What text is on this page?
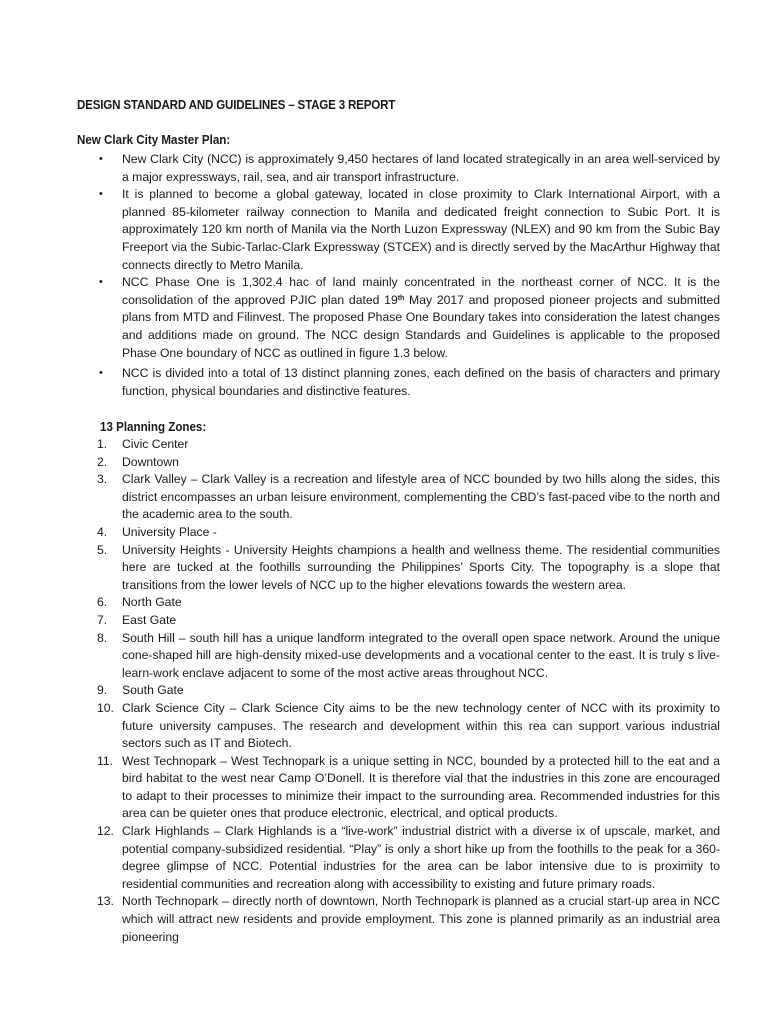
DESIGN STANDARD AND GUIDELINES – STAGE 3 REPORT
New Clark City Master Plan:
• New Clark City (NCC) is approximately 9,450 hectares of land located strategically in an area well-serviced by a major expressways, rail, sea, and air transport infrastructure.
• It is planned to become a global gateway, located in close proximity to Clark International Airport, with a planned 85-kilometer railway connection to Manila and dedicated freight connection to Subic Port. It is approximately 120 km north of Manila via the North Luzon Expressway (NLEX) and 90 km from the Subic Bay Freeport via the Subic-Tarlac-Clark Expressway (STCEX) and is directly served by the MacArthur Highway that connects directly to Metro Manila.
• NCC Phase One is 1,302.4 hac of land mainly concentrated in the northeast corner of NCC. It is the consolidation of the approved PJIC plan dated 19th May 2017 and proposed pioneer projects and submitted plans from MTD and Filinvest. The proposed Phase One Boundary takes into consideration the latest changes and additions made on ground. The NCC design Standards and Guidelines is applicable to the proposed Phase One boundary of NCC as outlined in figure 1.3 below.
• NCC is divided into a total of 13 distinct planning zones, each defined on the basis of characters and primary function, physical boundaries and distinctive features.
13 Planning Zones:
1.	Civic Center
2.	Downtown
3.	Clark Valley – Clark Valley is a recreation and lifestyle area of NCC bounded by two hills along the sides, this district encompasses an urban leisure environment, complementing the CBD’s fast-paced vibe to the north and the academic area to the south.
4.	University Place -
5.	University Heights - University Heights champions a health and wellness theme. The residential communities here are tucked at the foothills surrounding the Philippines’ Sports City. The topography is a slope that transitions from the lower levels of NCC up to the higher elevations towards the western area.
6.	North Gate
7.	East Gate
8.	South Hill – south hill has a unique landform integrated to the overall open space network. Around the unique cone-shaped hill are high-density mixed-use developments and a vocational center to the east. It is truly s live-learn-work enclave adjacent to some of the most active areas throughout NCC.
9.	South Gate
10. Clark Science City – Clark Science City aims to be the new technology center of NCC with its proximity to future university campuses. The research and development within this rea can support various industrial sectors such as IT and Biotech.
11. West Technopark – West Technopark is a unique setting in NCC, bounded by a protected hill to the eat and a bird habitat to the west near Camp O’Donell. It is therefore vial that the industries in this zone are encouraged to adapt to their processes to minimize their impact to the surrounding area. Recommended industries for this area can be quieter ones that produce electronic, electrical, and optical products.
12. Clark Highlands – Clark Highlands is a “live-work” industrial district with a diverse ix of upscale, market, and potential company-subsidized residential. “Play” is only a short hike up from the foothills to the peak for a 360-degree glimpse of NCC. Potential industries for the area can be labor intensive due to is proximity to residential communities and recreation along with accessibility to existing and future primary roads.
13. North Technopark – directly north of downtown, North Technopark is planned as a crucial start-up area in NCC which will attract new residents and provide employment. This zone is planned primarily as an industrial area pioneering
